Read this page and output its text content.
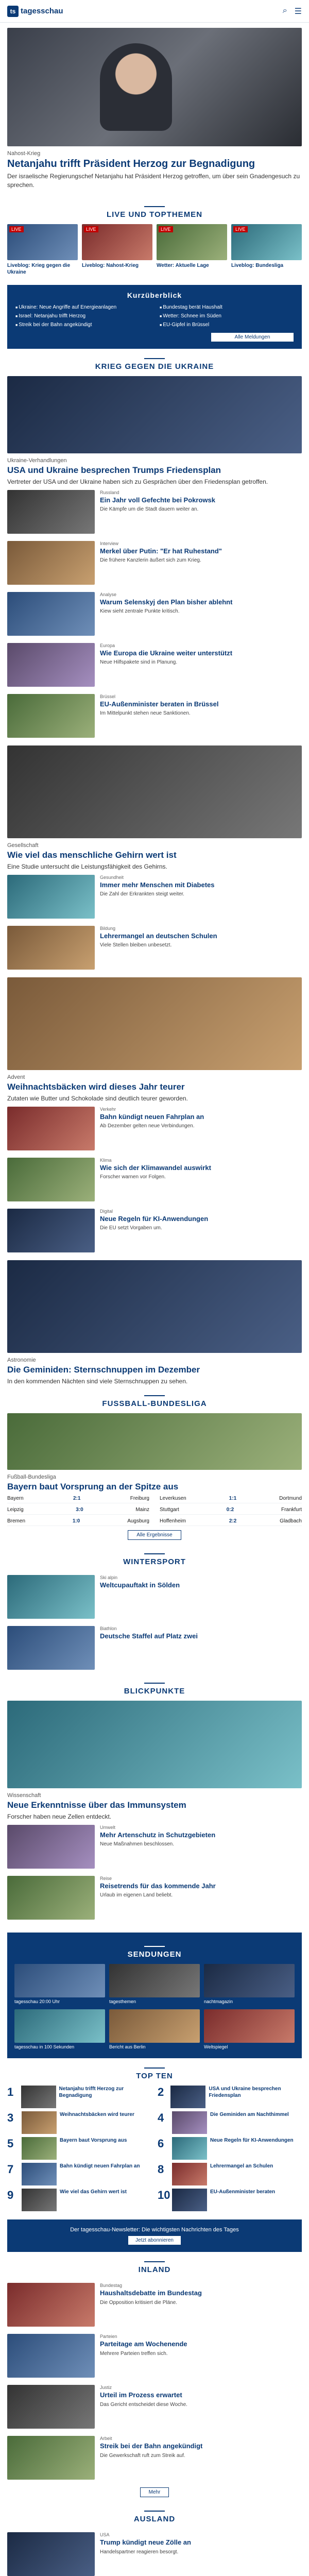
ts tagesschau	⌕ ☰
Nahost-Krieg
Netanjahu trifft Präsident Herzog zur Begnadigung

Der israelische Regierungschef Netanjahu hat Präsident Herzog getroffen, um über sein Gnadengesuch zu sprechen.

LIVE UND TOPTHEMEN
LIVE
Liveblog: Krieg gegen die Ukraine
LIVE
Liveblog: Nahost-Krieg
LIVE
Wetter: Aktuelle Lage
LIVE
Liveblog: Bundesliga
Kurzüberblick
■ Ukraine: Neue Angriffe auf Energieanlagen	■ Bundestag berät Haushalt
■ Israel: Netanjahu trifft Herzog	■ Wetter: Schnee im Süden
■ Streik bei der Bahn angekündigt	■ EU-Gipfel in Brüssel
Alle Meldungen
KRIEG GEGEN DIE UKRAINE
Ukraine-Verhandlungen
USA und Ukraine besprechen Trumps Friedensplan

Vertreter der USA und der Ukraine haben sich zu Gesprächen über den Friedensplan getroffen.

Russland
Ein Jahr voll Gefechte bei Pokrowsk

Die Kämpfe um die Stadt dauern weiter an.

Interview
Merkel über Putin: "Er hat Ruhestand"

Die frühere Kanzlerin äußert sich zum Krieg.

Analyse
Warum Selenskyj den Plan bisher ablehnt

Kiew sieht zentrale Punkte kritisch.

Europa
Wie Europa die Ukraine weiter unterstützt

Neue Hilfspakete sind in Planung.

Brüssel
EU-Außenminister beraten in Brüssel

Im Mittelpunkt stehen neue Sanktionen.

Gesellschaft
Wie viel das menschliche Gehirn wert ist

Eine Studie untersucht die Leistungsfähigkeit des Gehirns.

Gesundheit
Immer mehr Menschen mit Diabetes

Die Zahl der Erkrankten steigt weiter.

Bildung
Lehrermangel an deutschen Schulen

Viele Stellen bleiben unbesetzt.

Advent
Weihnachtsbäcken wird dieses Jahr teurer

Zutaten wie Butter und Schokolade sind deutlich teurer geworden.

Verkehr
Bahn kündigt neuen Fahrplan an

Ab Dezember gelten neue Verbindungen.

Klima
Wie sich der Klimawandel auswirkt

Forscher warnen vor Folgen.

Digital
Neue Regeln für KI-Anwendungen

Die EU setzt Vorgaben um.

Astronomie
Die Geminiden: Sternschnuppen im Dezember

In den kommenden Nächten sind viele Sternschnuppen zu sehen.

FUSSBALL-BUNDESLIGA
Fußball-Bundesliga
Bayern baut Vorsprung an der Spitze aus
Bayern	2:1	Freiburg Leverkusen	1:1	Dortmund
Leipzig	3:0	Mainz Stuttgart	0:2	Frankfurt
Bremen	1:0	Augsburg Hoffenheim	2:2	Gladbach
Alle Ergebnisse
WINTERSPORT
Ski alpin
Weltcupauftakt in Sölden
Biathlon
Deutsche Staffel auf Platz zwei
BLICKPUNKTE
Wissenschaft
Neue Erkenntnisse über das Immunsystem

Forscher haben neue Zellen entdeckt.

Umwelt
Mehr Artenschutz in Schutzgebieten

Neue Maßnahmen beschlossen.

Reise
Reisetrends für das kommende Jahr

Urlaub im eigenen Land beliebt.

SENDUNGEN
tagesschau 20:00 Uhr	tagesthemen	nachtmagazin
tagesschau in 100 Sekunden	Bericht aus Berlin	Weltspiegel
TOP TEN
1	Netanjahu trifft Herzog zur Begnadigung	2	USA und Ukraine besprechen Friedensplan
3	Weihnachtsbäcken wird teurer 4	Die Geminiden am Nachthimmel
5	Bayern baut Vorsprung aus	6	Neue Regeln für KI-Anwendungen
7	Bahn kündigt neuen Fahrplan an 8	Lehrermangel an Schulen
9	Wie viel das Gehirn wert ist	10	EU-Außenminister beraten
Der tagesschau-Newsletter: Die wichtigsten Nachrichten des Tages
Jetzt abonnieren
INLAND
Bundestag
Haushaltsdebatte im Bundestag

Die Opposition kritisiert die Pläne.

Parteien
Parteitage am Wochenende

Mehrere Parteien treffen sich.

Justiz
Urteil im Prozess erwartet

Das Gericht entscheidet diese Woche.

Arbeit
Streik bei der Bahn angekündigt

Die Gewerkschaft ruft zum Streik auf.

Mehr
AUSLAND
USA
Trump kündigt neue Zölle an

Handelspartner reagieren besorgt.
